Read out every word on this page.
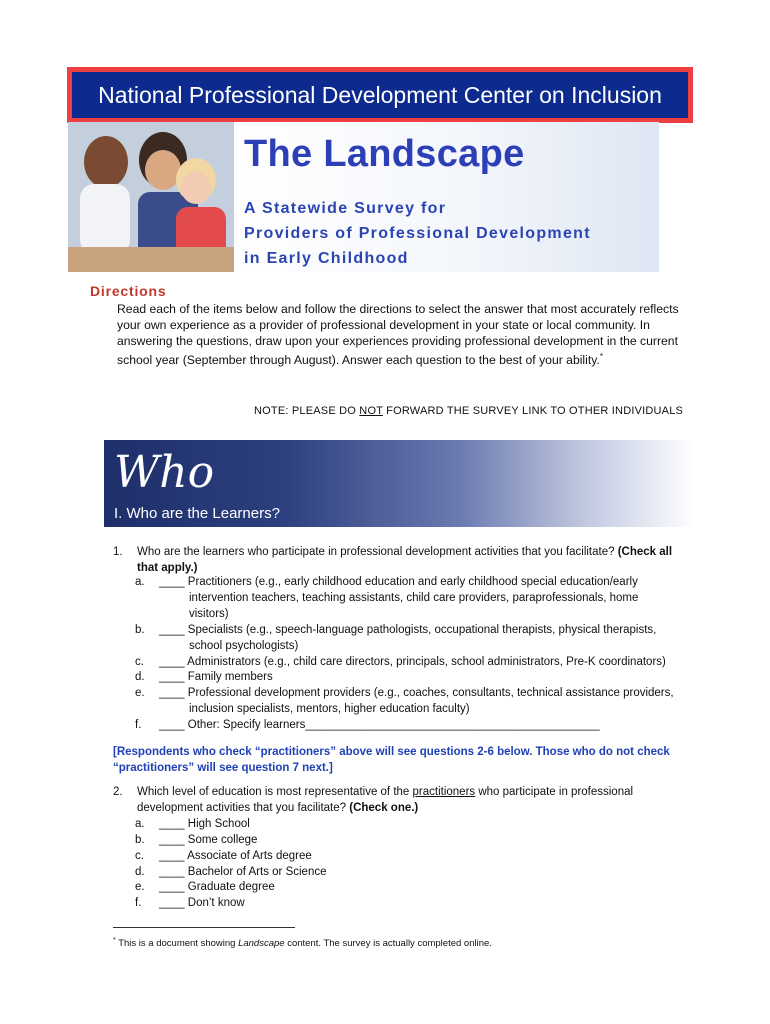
National Professional Development Center on Inclusion
The Landscape
A Statewide Survey for
Providers of Professional Development
in Early Childhood
Directions
Read each of the items below and follow the directions to select the answer that most accurately reflects your own experience as a provider of professional development in your state or local community. In answering the questions, draw upon your experiences providing professional development in the current school year (September through August). Answer each question to the best of your ability.*
NOTE: PLEASE DO NOT FORWARD THE SURVEY LINK TO OTHER INDIVIDUALS
Who
I. Who are the Learners?
1. Who are the learners who participate in professional development activities that you facilitate? (Check all that apply.)
a. ____ Practitioners (e.g., early childhood education and early childhood special education/early
intervention teachers, teaching assistants, child care providers, paraprofessionals, home
visitors)
b. ____ Specialists (e.g., speech-language pathologists, occupational therapists, physical therapists,
school psychologists)
c. ____ Administrators (e.g., child care directors, principals, school administrators, Pre-K coordinators)
d. ____ Family members
e. ____ Professional development providers (e.g., coaches, consultants, technical assistance providers,
inclusion specialists, mentors, higher education faculty)
f. ____ Other: Specify learners______________________________________________
[Respondents who check “practitioners” above will see questions 2-6 below. Those who do not check
“practitioners” will see question 7 next.]
2. Which level of education is most representative of the practitioners who participate in professional
development activities that you facilitate? (Check one.)
a. ____ High School
b. ____ Some college
c. ____ Associate of Arts degree
d. ____ Bachelor of Arts or Science
e. ____ Graduate degree
f. ____ Don’t know
* This is a document showing Landscape content. The survey is actually completed online.
